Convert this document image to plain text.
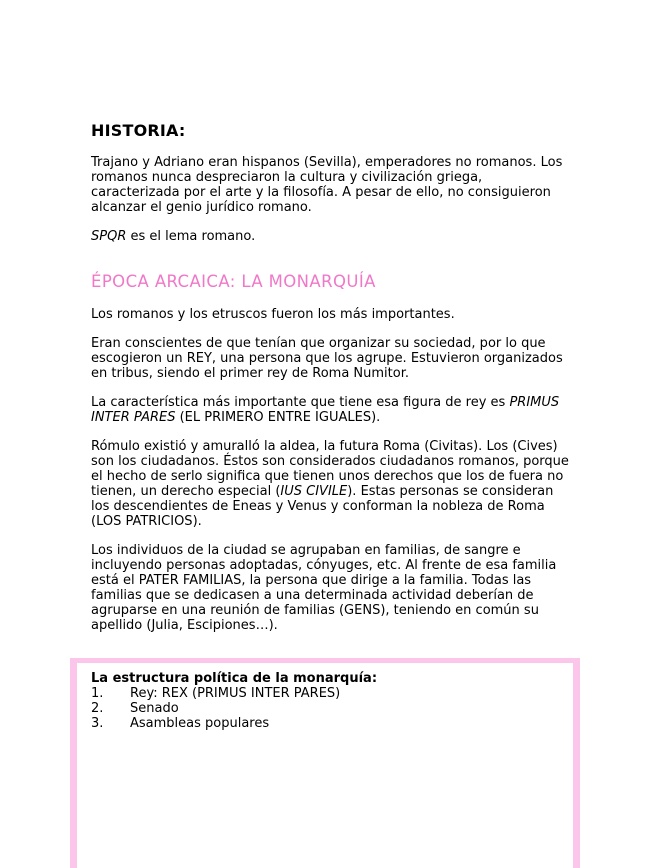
HISTORIA:

Trajano y Adriano eran hispanos (Sevilla), emperadores no romanos. Los romanos nunca despreciaron la cultura y civilización griega, caracterizada por el arte y la filosofía. A pesar de ello, no consiguieron alcanzar el genio jurídico romano.

SPQR es el lema romano.

ÉPOCA ARCAICA: LA MONARQUÍA

Los romanos y los etruscos fueron los más importantes.

Eran conscientes de que tenían que organizar su sociedad, por lo que escogieron un REY, una persona que los agrupe. Estuvieron organizados en tribus, siendo el primer rey de Roma Numitor.

La característica más importante que tiene esa figura de rey es PRIMUS INTER PARES (EL PRIMERO ENTRE IGUALES).

Rómulo existió y amuralló la aldea, la futura Roma (Civitas). Los (Cives) son los ciudadanos. Éstos son considerados ciudadanos romanos, porque el hecho de serlo significa que tienen unos derechos que los de fuera no tienen, un derecho especial (IUS CIVILE). Estas personas se consideran los descendientes de Eneas y Venus y conforman la nobleza de Roma (LOS PATRICIOS).

Los individuos de la ciudad se agrupaban en familias, de sangre e incluyendo personas adoptadas, cónyuges, etc. Al frente de esa familia está el PATER FAMILIAS, la persona que dirige a la familia. Todas las familias que se dedicasen a una determinada actividad deberían de agruparse en una reunión de familias (GENS), teniendo en común su apellido (Julia, Escipiones…).

La estructura política de la monarquía:
1.	Rey: REX (PRIMUS INTER PARES)
2.	Senado
3.	Asambleas populares
